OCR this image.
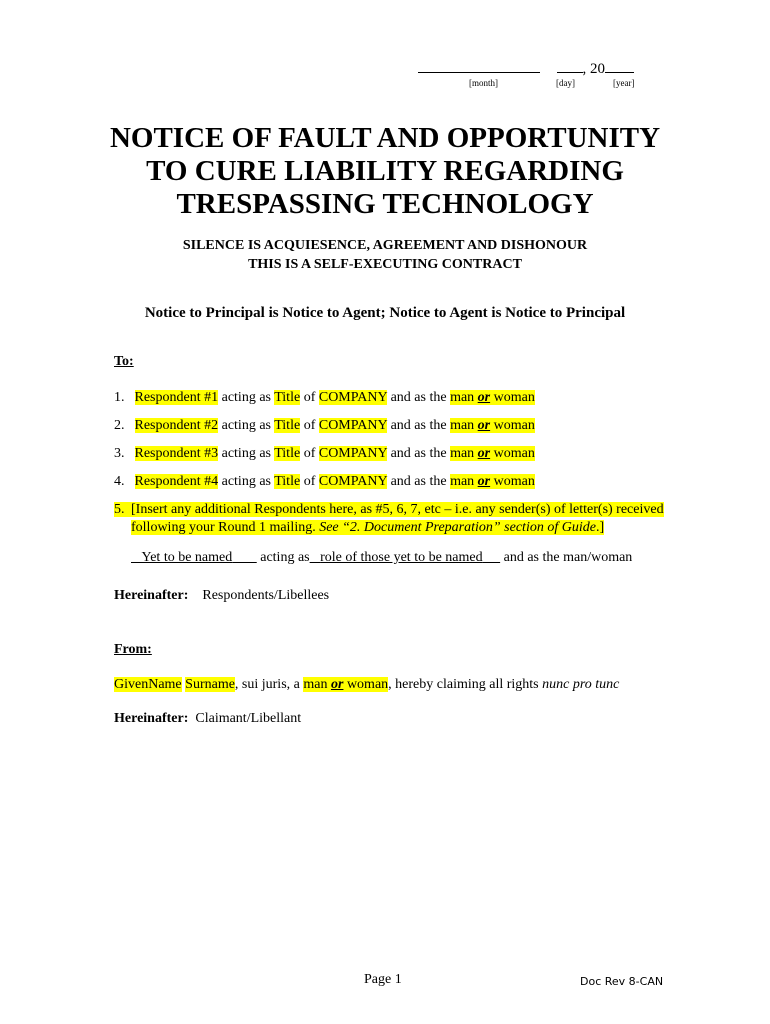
, 20
[month]	[day]	[year]
NOTICE OF FAULT AND OPPORTUNITY
TO CURE LIABILITY REGARDING
TRESPASSING TECHNOLOGY
SILENCE IS ACQUIESENCE, AGREEMENT AND DISHONOUR
THIS IS A SELF-EXECUTING CONTRACT
Notice to Principal is Notice to Agent; Notice to Agent is Notice to Principal
To:
1. Respondent #1 acting as Title of COMPANY and as the man or woman
2. Respondent #2 acting as Title of COMPANY and as the man or woman
3. Respondent #3 acting as Title of COMPANY and as the man or woman
4. Respondent #4 acting as Title of COMPANY and as the man or woman
5. [Insert any additional Respondents here, as #5, 6, 7, etc – i.e. any sender(s) of letter(s) received
following your Round 1 mailing. See “2. Document Preparation” section of Guide.]
Yet to be named acting as role of those yet to be named and as the man/woman
Hereinafter: Respondents/Libellees
From:
GivenName Surname, sui juris, a man or woman, hereby claiming all rights nunc pro tunc
Hereinafter: Claimant/Libellant
Page 1	Doc Rev 8-CAN
